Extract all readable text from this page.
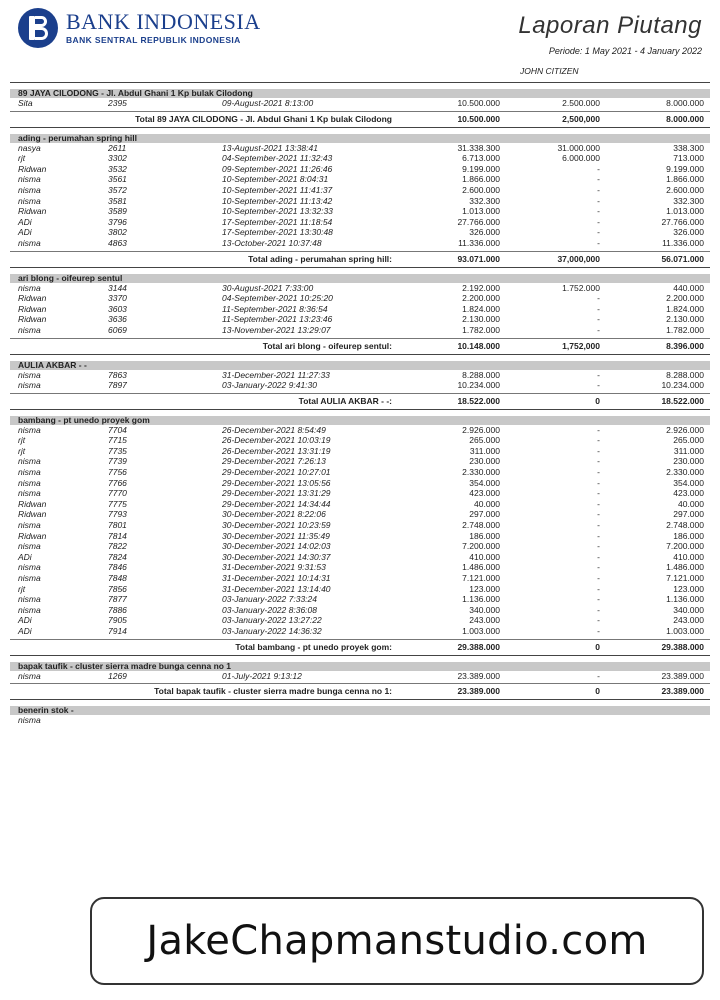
BANK INDONESIA
BANK SENTRAL REPUBLIK INDONESIA
Laporan Piutang
Periode: 1 May 2021 - 4 January 2022
JOHN CITIZEN
89 JAYA CILODONG - Jl. Abdul Ghani 1 Kp bulak Cilodong
Sita	2395	09-August-2021 8:13:00	10.500.000	2.500.000	8.000.000
Total 89 JAYA CILODONG - Jl. Abdul Ghani 1 Kp bulak Cilodong	10.500.000	2,500,000	8.000.000
ading - perumahan spring hill
nasya	2611	13-August-2021 13:38:41	31.338.300	31.000.000	338.300
rjt	3302	04-September-2021 11:32:43	6.713.000	6.000.000	713.000
Ridwan	3532	09-September-2021 11:26:46	9.199.000	-	9.199.000
nisma	3561	10-September-2021 8:04:31	1.866.000	-	1.866.000
nisma	3572	10-September-2021 11:41:37	2.600.000	-	2.600.000
nisma	3581	10-September-2021 11:13:42	332.300	-	332.300
Ridwan	3589	10-September-2021 13:32:33	1.013.000	-	1.013.000
ADi	3796	17-September-2021 11:18:54	27.766.000	-	27.766.000
ADi	3802	17-September-2021 13:30:48	326.000	-	326.000
nisma	4863	13-October-2021 10:37:48	11.336.000	-	11.336.000
Total ading - perumahan spring hill:	93.071.000	37,000,000	56.071.000
ari blong - oifeurep sentul
nisma	3144	30-August-2021 7:33:00	2.192.000	1.752.000	440.000
Ridwan	3370	04-September-2021 10:25:20	2.200.000	-	2.200.000
Ridwan	3603	11-September-2021 8:36:54	1.824.000	-	1.824.000
Ridwan	3636	11-September-2021 13:23:46	2.130.000	-	2.130.000
nisma	6069	13-November-2021 13:29:07	1.782.000	-	1.782.000
Total ari blong - oifeurep sentul:	10.148.000	1,752,000	8.396.000
AULIA AKBAR - -
nisma	7863	31-December-2021 11:27:33	8.288.000	-	8.288.000
nisma	7897	03-January-2022 9:41:30	10.234.000	-	10.234.000
Total AULIA AKBAR - -:	18.522.000	0	18.522.000
bambang - pt unedo proyek gom
nisma	7704	26-December-2021 8:54:49	2.926.000	-	2.926.000
rjt	7715	26-December-2021 10:03:19	265.000	-	265.000
rjt	7735	26-December-2021 13:31:19	311.000	-	311.000
nisma	7739	29-December-2021 7:26:13	230.000	-	230.000
nisma	7756	29-December-2021 10:27:01	2.330.000	-	2.330.000
nisma	7766	29-December-2021 13:05:56	354.000	-	354.000
nisma	7770	29-December-2021 13:31:29	423.000	-	423.000
Ridwan	7775	29-December-2021 14:34:44	40.000	-	40.000
Ridwan	7793	30-December-2021 8:22:06	297.000	-	297.000
nisma	7801	30-December-2021 10:23:59	2.748.000	-	2.748.000
Ridwan	7814	30-December-2021 11:35:49	186.000	-	186.000
nisma	7822	30-December-2021 14:02:03	7.200.000	-	7.200.000
ADi	7824	30-December-2021 14:30:37	410.000	-	410.000
nisma	7846	31-December-2021 9:31:53	1.486.000	-	1.486.000
nisma	7848	31-December-2021 10:14:31	7.121.000	-	7.121.000
rjt	7856	31-December-2021 13:14:40	123.000	-	123.000
nisma	7877	03-January-2022 7:33:24	1.136.000	-	1.136.000
nisma	7886	03-January-2022 8:36:08	340.000	-	340.000
ADi	7905	03-January-2022 13:27:22	243.000	-	243.000
ADi	7914	03-January-2022 14:36:32	1.003.000	-	1.003.000
Total bambang - pt unedo proyek gom:	29.388.000	0	29.388.000
bapak taufik - cluster sierra madre bunga cenna no 1
nisma	1269	01-July-2021 9:13:12	23.389.000	-	23.389.000
Total bapak taufik - cluster sierra madre bunga cenna no 1:	23.389.000	0	23.389.000
benerin stok -
nisma
JakeChapmanstudio.com
